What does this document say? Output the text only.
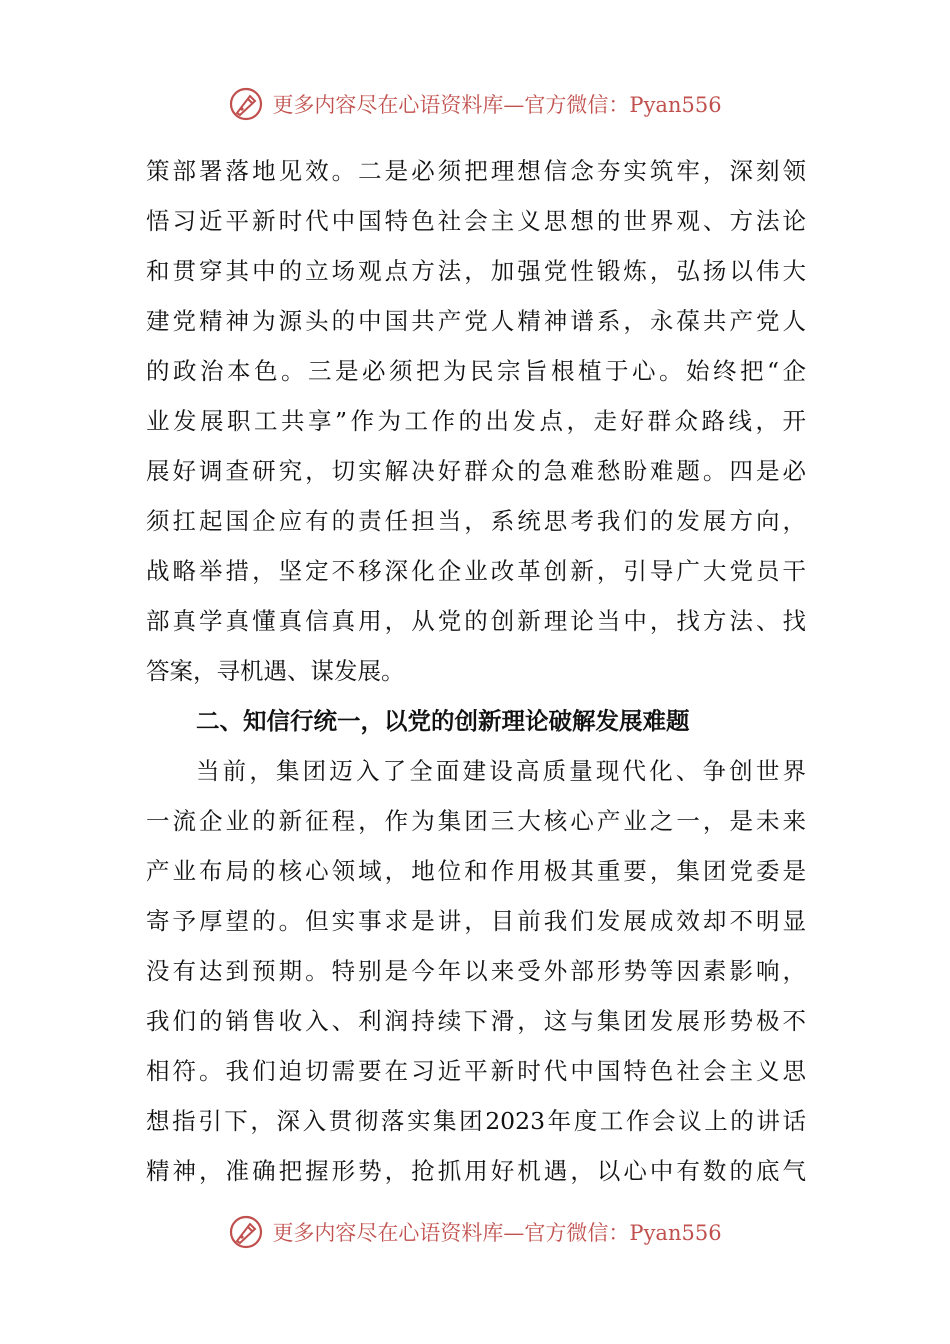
更多内容尽在心语资料库—官方微信：Pyan556
策部署落地见效。二是必须把理想信念夯实筑牢，深刻领
悟习近平新时代中国特色社会主义思想的世界观、方法论
和贯穿其中的立场观点方法，加强党性锻炼，弘扬以伟大
建党精神为源头的中国共产党人精神谱系，永葆共产党人
的政治本色。三是必须把为民宗旨根植于心。始终把“企
业发展职工共享”作为工作的出发点，走好群众路线，开
展好调查研究，切实解决好群众的急难愁盼难题。四是必
须扛起国企应有的责任担当，系统思考我们的发展方向，
战略举措，坚定不移深化企业改革创新，引导广大党员干
部真学真懂真信真用，从党的创新理论当中，找方法、找
答案，寻机遇、谋发展。
二、知信行统一，以党的创新理论破解发展难题
当前，集团迈入了全面建设高质量现代化、争创世界
一流企业的新征程，作为集团三大核心产业之一，是未来
产业布局的核心领域，地位和作用极其重要，集团党委是
寄予厚望的。但实事求是讲，目前我们发展成效却不明显
没有达到预期。特别是今年以来受外部形势等因素影响，
我们的销售收入、利润持续下滑，这与集团发展形势极不
相符。我们迫切需要在习近平新时代中国特色社会主义思
想指引下，深入贯彻落实集团2023年度工作会议上的讲话
精神，准确把握形势，抢抓用好机遇，以心中有数的底气
更多内容尽在心语资料库—官方微信：Pyan556
